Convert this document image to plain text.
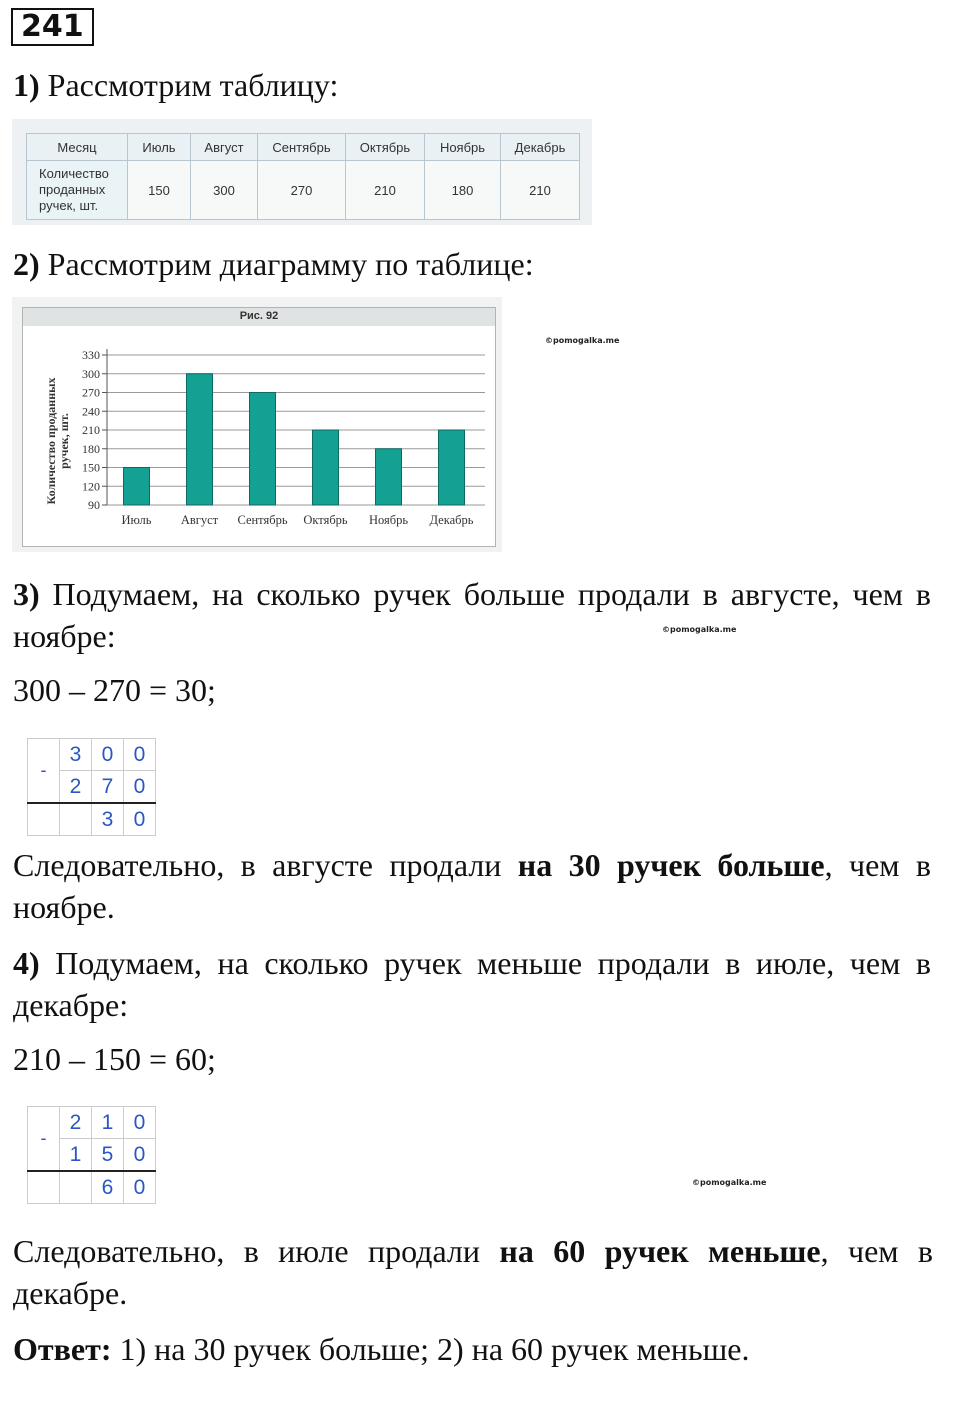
241
1) Рассмотрим таблицу:
Месяц	Июль	Август	Сентябрь	Октябрь	Ноябрь	Декабрь

Количество
проданных
ручек, шт.	150	300	270	210	180	210
2) Рассмотрим диаграмму по таблице:
Рис. 92
Количество проданных ручек, шт.
90
120
150
180
210
240
270
300
330
Июль Август Сентябрь Октябрь Ноябрь Декабрь
©pomogalka.me
3) Подумаем, на сколько ручек больше продали в августе, чем в ноябре:	©pomogalka.me
300 – 270 = 30;
-	3	0	0
	2	7	0
		3	0
Следовательно, в августе продали на 30 ручек больше, чем в ноябре.
4) Подумаем, на сколько ручек меньше продали в июле, чем в декабре:
210 – 150 = 60;
-	2	1	0
	1	5	0
		6	0	©pomogalka.me
Следовательно, в июле продали на 60 ручек меньше, чем в декабре.
Ответ: 1) на 30 ручек больше; 2) на 60 ручек меньше.
